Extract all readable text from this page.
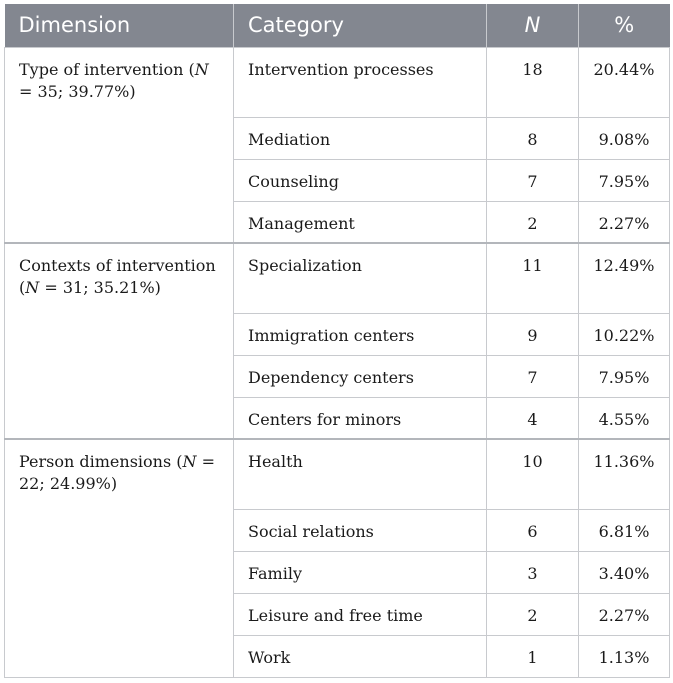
Dimension	Category	N	%
Type of intervention (N = 35; 39.77%)	Intervention processes	18	20.44%
	Mediation	8	9.08%
	Counseling	7	7.95%
	Management	2	2.27%
Contexts of intervention (N = 31; 35.21%)	Specialization	11	12.49%
	Immigration centers	9	10.22%
	Dependency centers	7	7.95%
	Centers for minors	4	4.55%
Person dimensions (N = 22; 24.99%)	Health	10	11.36%
	Social relations	6	6.81%
	Family	3	3.40%
	Leisure and free time	2	2.27%
	Work	1	1.13%
